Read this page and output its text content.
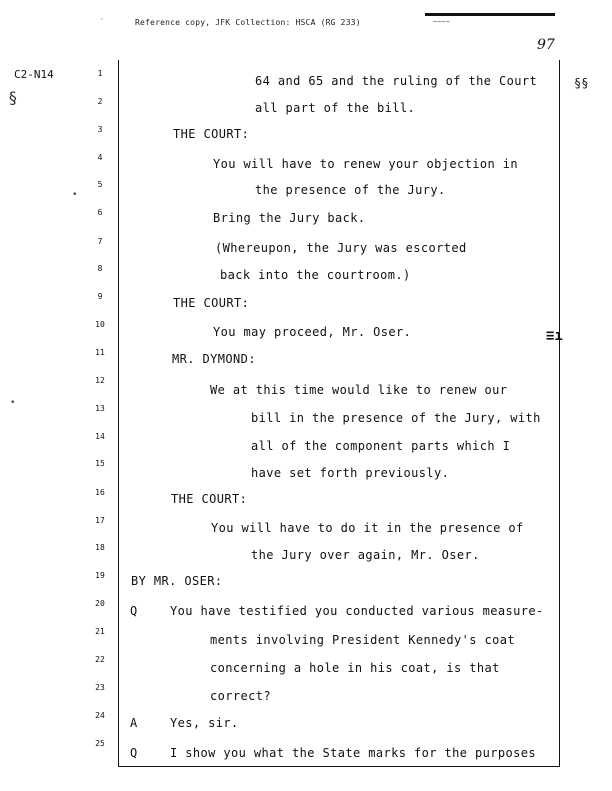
`	Reference copy, JFK Collection: HSCA (RG 233)	~~~~
97
C2-N14
§
§§
≡ı
•
•
1
2
3
4
5
6
7
8
9
10
11
12
13
14
15
16
17
18
19
20
21
22
23
24
25
64 and 65 and the ruling of the Court
all part of the bill.
THE COURT:
You will have to renew your objection in
the presence of the Jury.
Bring the Jury back.
(Whereupon, the Jury was escorted
back into the courtroom.)
THE COURT:
You may proceed, Mr. Oser.
MR. DYMOND:
We at this time would like to renew our
bill in the presence of the Jury, with
all of the component parts which I
have set forth previously.
THE COURT:
You will have to do it in the presence of
the Jury over again, Mr. Oser.
BY MR. OSER:
Q	You have testified you conducted various measure-
ments involving President Kennedy's coat
concerning a hole in his coat, is that
correct?
A	Yes, sir.
Q	I show you what the State marks for the purposes
